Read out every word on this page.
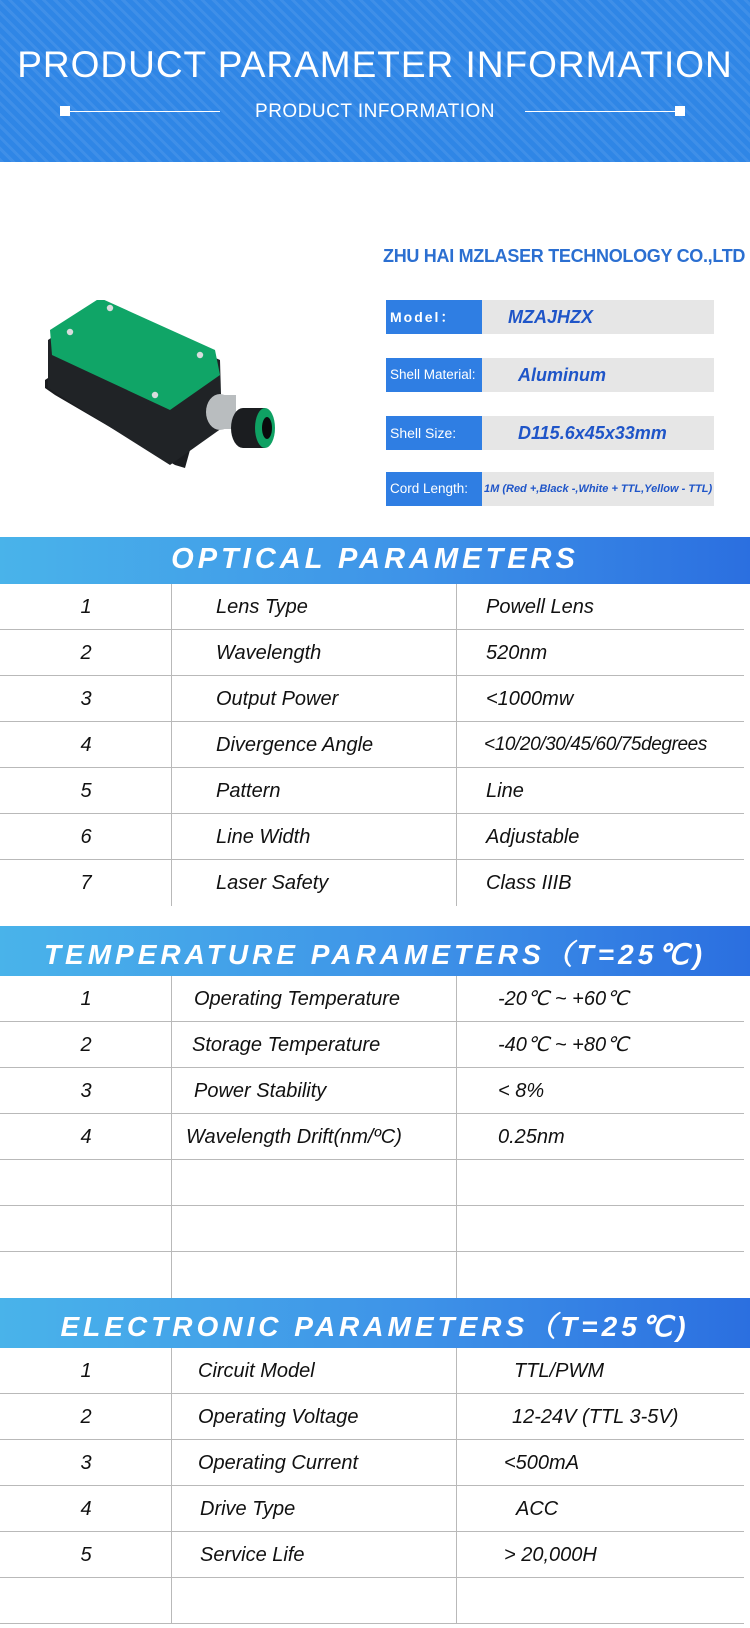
PRODUCT PARAMETER INFORMATION
PRODUCT INFORMATION
ZHU HAI MZLASER TECHNOLOGY CO.,LTD
Model：	MZAJHZX
Shell Material:	Aluminum
Shell Size:	D115.6x45x33mm
Cord Length:	1M (Red +,Black -,White + TTL,Yellow - TTL)
OPTICAL PARAMETERS
1	Lens Type	Powell Lens
2	Wavelength	520nm
3	Output Power	<1000mw
4	Divergence Angle	<10/20/30/45/60/75degrees
5	Pattern	Line
6	Line Width	Adjustable
7	Laser Safety	Class IIIB
TEMPERATURE PARAMETERS（T=25℃)
1	Operating Temperature	-20℃ ~ +60℃
2	Storage Temperature	-40℃ ~ +80℃
3	Power Stability	< 8%
4	Wavelength Drift(nm/ºC)	0.25nm
ELECTRONIC PARAMETERS（T=25℃)
1	Circuit Model	TTL/PWM
2	Operating Voltage	12-24V (TTL 3-5V)
3	Operating Current	<500mA
4	Drive Type	ACC
5	Service Life	> 20,000H
